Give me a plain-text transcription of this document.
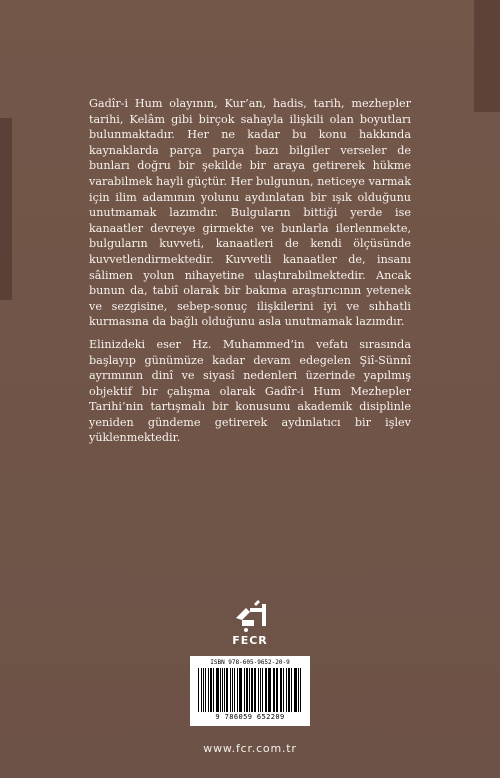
Gadîr-i Hum olayının, Kur’an, hadis, tarih, mezhepler tarihi, Kelâm gibi birçok sahayla ilişkili olan boyutları bulunmaktadır. Her ne kadar bu konu hakkında kaynaklarda parça parça bazı bilgiler verseler de bunları doğru bir şekilde bir araya getirerek hükme varabilmek hayli güçtür. Her bulgunun, neticeye varmak için ilim adamının yolunu aydınlatan bir ışık olduğunu unutmamak lazımdır. Bulguların bittiği yerde ise kanaatler devreye girmekte ve bunlarla ilerlenmekte, bulguların kuvveti, kanaatleri de kendi ölçüsünde kuvvetlendirmektedir. Kuvvetli kanaatler de, insanı sâlimen yolun nihayetine ulaştırabilmektedir. Ancak bunun da, tabiî olarak bir bakıma araştırıcının yetenek ve sezgisine, sebep-sonuç ilişkilerini iyi ve sıhhatli kurmasına da bağlı olduğunu asla unutmamak lazımdır.

Elinizdeki eser Hz. Muhammed’in vefatı sırasında başlayıp günümüze kadar devam edegelen Şiî-Sünnî ayrımının dinî ve siyasî nedenleri üzerinde yapılmış objektif bir çalışma olarak Gadîr-i Hum Mezhepler Tarihi’nin tartışmalı bir konusunu akademik disiplinle yeniden gündeme getirerek aydınlatıcı bir işlev yüklenmektedir.

FECR
ISBN 978-605-9652-20-9
9 786059 652209
www.fcr.com.tr
